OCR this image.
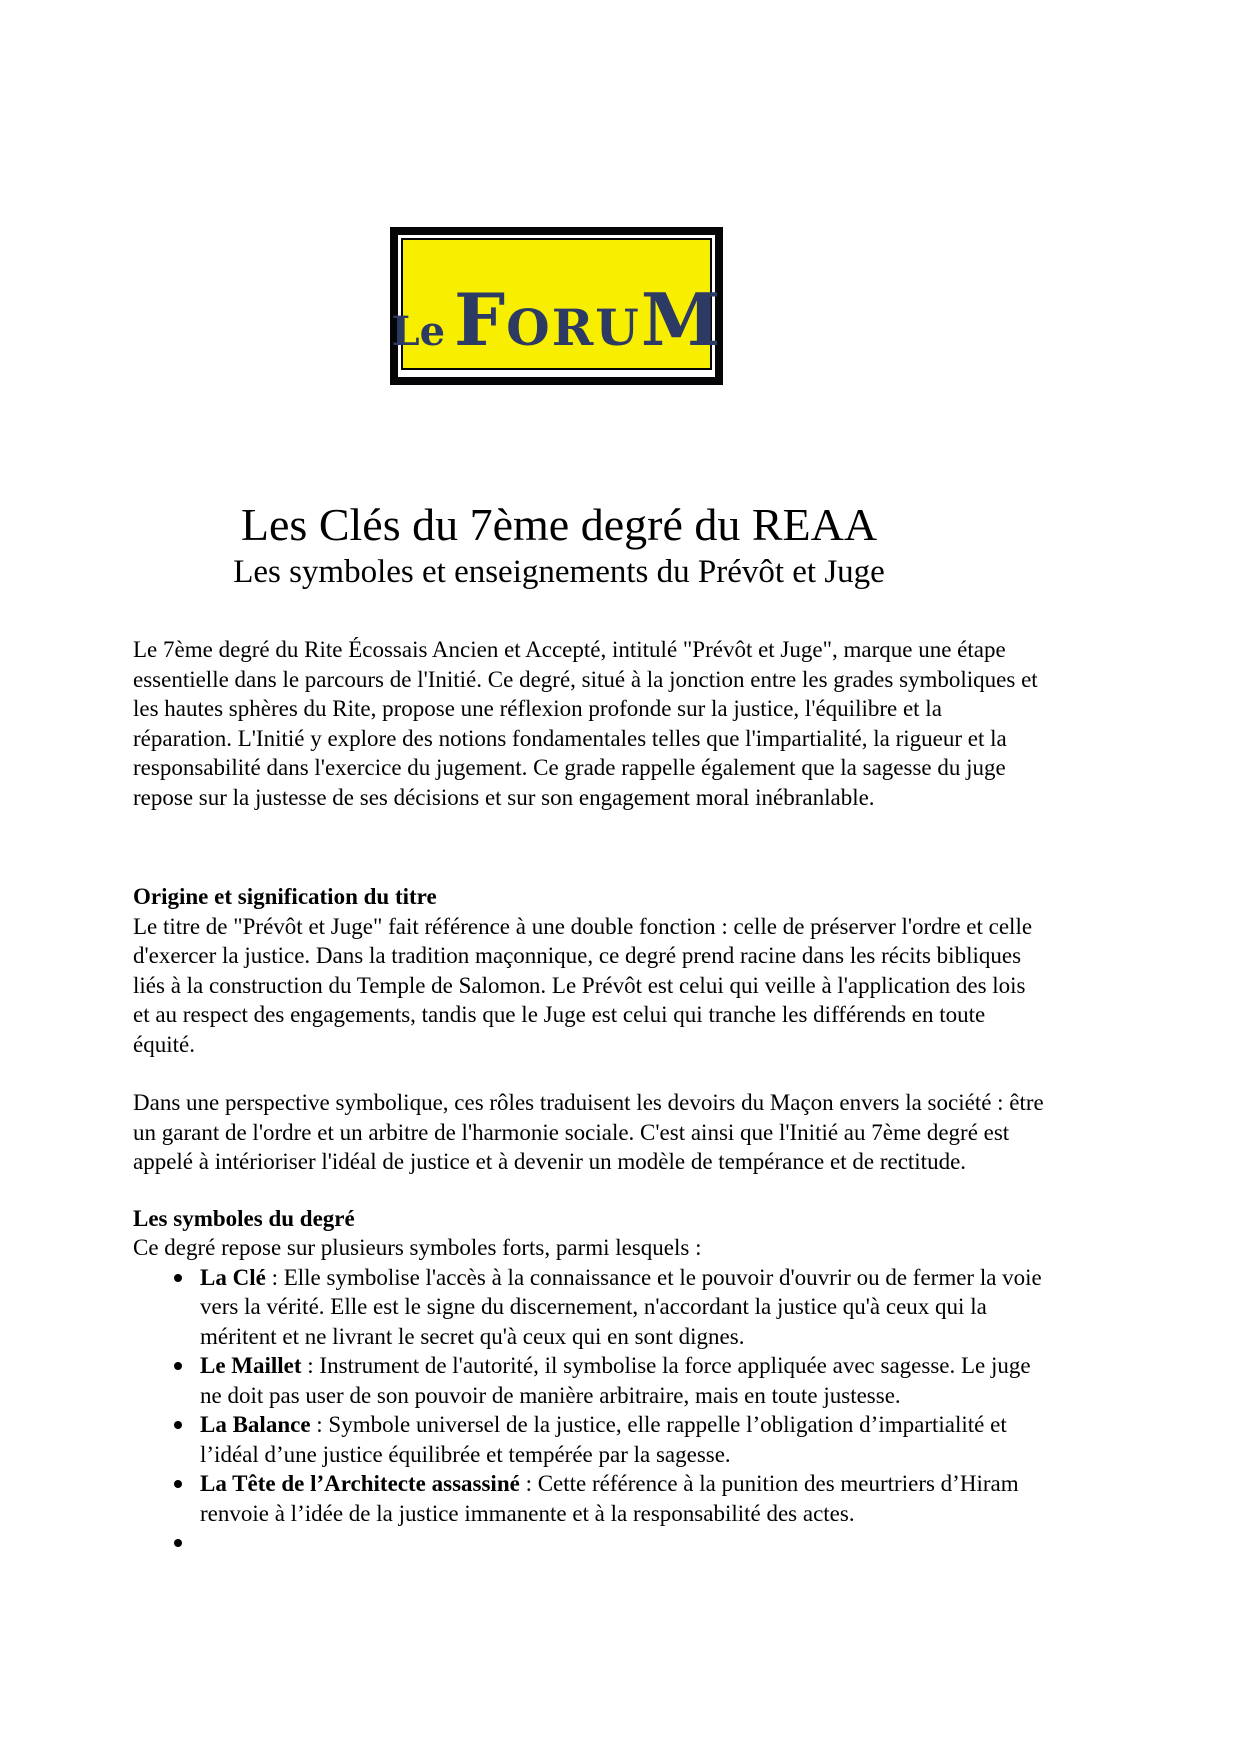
Le F ORU M
Les Clés du 7ème degré du REAA
Les symboles et enseignements du Prévôt et Juge

Le 7ème degré du Rite Écossais Ancien et Accepté, intitulé "Prévôt et Juge", marque une étape essentielle dans le parcours de l'Initié. Ce degré, situé à la jonction entre les grades symboliques et les hautes sphères du Rite, propose une réflexion profonde sur la justice, l'équilibre et la réparation. L'Initié y explore des notions fondamentales telles que l'impartialité, la rigueur et la responsabilité dans l'exercice du jugement. Ce grade rappelle également que la sagesse du juge repose sur la justesse de ses décisions et sur son engagement moral inébranlable.

Origine et signification du titre

Le titre de "Prévôt et Juge" fait référence à une double fonction : celle de préserver l'ordre et celle d'exercer la justice. Dans la tradition maçonnique, ce degré prend racine dans les récits bibliques liés à la construction du Temple de Salomon. Le Prévôt est celui qui veille à l'application des lois et au respect des engagements, tandis que le Juge est celui qui tranche les différends en toute équité.

Dans une perspective symbolique, ces rôles traduisent les devoirs du Maçon envers la société : être un garant de l'ordre et un arbitre de l'harmonie sociale. C'est ainsi que l'Initié au 7ème degré est appelé à intérioriser l'idéal de justice et à devenir un modèle de tempérance et de rectitude.

Les symboles du degré

Ce degré repose sur plusieurs symboles forts, parmi lesquels :

La Clé : Elle symbolise l'accès à la connaissance et le pouvoir d'ouvrir ou de fermer la voie vers la vérité. Elle est le signe du discernement, n'accordant la justice qu'à ceux qui la méritent et ne livrant le secret qu'à ceux qui en sont dignes.
Le Maillet : Instrument de l'autorité, il symbolise la force appliquée avec sagesse. Le juge ne doit pas user de son pouvoir de manière arbitraire, mais en toute justesse.
La Balance : Symbole universel de la justice, elle rappelle l’obligation d’impartialité et l’idéal d’une justice équilibrée et tempérée par la sagesse.
La Tête de l’Architecte assassiné : Cette référence à la punition des meurtriers d’Hiram renvoie à l’idée de la justice immanente et à la responsabilité des actes.
